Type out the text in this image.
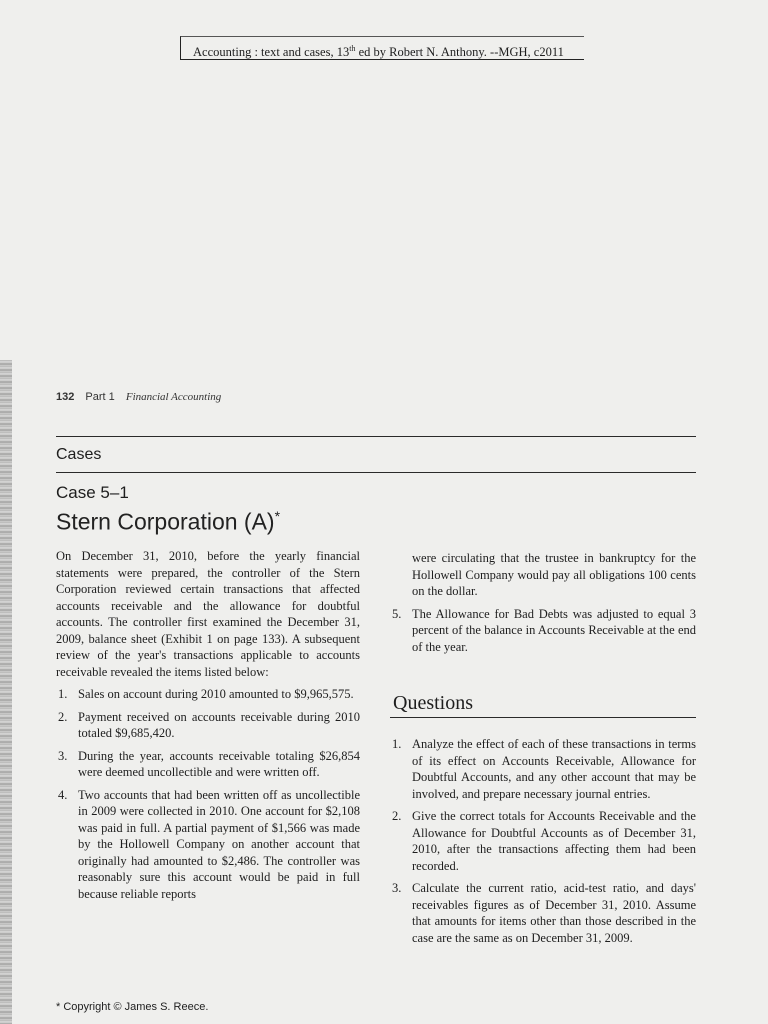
Accounting : text and cases, 13th ed by Robert N. Anthony. --MGH, c2011
132 Part 1 Financial Accounting
Cases
Case 5–1
Stern Corporation (A)*

On December 31, 2010, before the yearly financial statements were prepared, the controller of the Stern Corporation reviewed certain transactions that affected accounts receivable and the allowance for doubtful accounts. The controller first examined the December 31, 2009, balance sheet (Exhibit 1 on page 133). A subsequent review of the year's transactions applicable to accounts receivable revealed the items listed below:

1. Sales on account during 2010 amounted to $9,965,575.
2. Payment received on accounts receivable during 2010 totaled $9,685,420.
3. During the year, accounts receivable totaling $26,854 were deemed uncollectible and were written off.
4. Two accounts that had been written off as uncollectible in 2009 were collected in 2010. One account for $2,108 was paid in full. A partial payment of $1,566 was made by the Hollowell Company on another account that originally had amounted to $2,486. The controller was reasonably sure this account would be paid in full because reliable reports
were circulating that the trustee in bankruptcy for the Hollowell Company would pay all obligations 100 cents on the dollar.
5. The Allowance for Bad Debts was adjusted to equal 3 percent of the balance in Accounts Receivable at the end of the year.
Questions
1. Analyze the effect of each of these transactions in terms of its effect on Accounts Receivable, Allowance for Doubtful Accounts, and any other account that may be involved, and prepare necessary journal entries.
2. Give the correct totals for Accounts Receivable and the Allowance for Doubtful Accounts as of December 31, 2010, after the transactions affecting them had been recorded.
3. Calculate the current ratio, acid-test ratio, and days' receivables figures as of December 31, 2010. Assume that amounts for items other than those described in the case are the same as on December 31, 2009.
* Copyright © James S. Reece.
